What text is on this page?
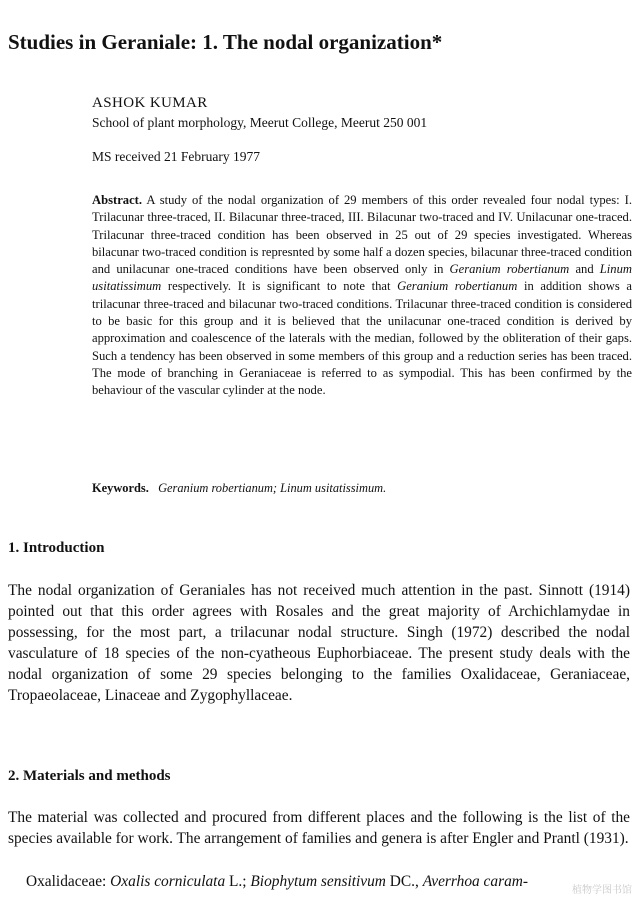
Studies in Geraniale: 1. The nodal organization*
ASHOK KUMAR
School of plant morphology, Meerut College, Meerut 250 001
MS received 21 February 1977

Abstract. A study of the nodal organization of 29 members of this order revealed four nodal types: I. Trilacunar three-traced, II. Bilacunar three-traced, III. Bilacunar two-traced and IV. Unilacunar one-traced. Trilacunar three-traced condition has been observed in 25 out of 29 species investigated. Whereas bilacunar two-traced condition is represnted by some half a dozen species, bilacunar three-traced condition and unilacunar one-traced conditions have been observed only in Geranium robertianum and Linum usitatissimum respectively. It is significant to note that Geranium robertianum in addition shows a trilacunar three-traced and bilacunar two-traced conditions. Trilacunar three-traced condition is considered to be basic for this group and it is believed that the unilacunar one-traced condition is derived by approximation and coalescence of the laterals with the median, followed by the obliteration of their gaps. Such a tendency has been observed in some members of this group and a reduction series has been traced. The mode of branching in Geraniaceae is referred to as sympodial. This has been confirmed by the behaviour of the vascular cylinder at the node.

Keywords. Geranium robertianum; Linum usitatissimum.

1. Introduction

The nodal organization of Geraniales has not received much attention in the past. Sinnott (1914) pointed out that this order agrees with Rosales and the great majority of Archichlamydae in possessing, for the most part, a trilacunar nodal structure. Singh (1972) described the nodal vasculature of 18 species of the non-cyatheous Euphorbiaceae. The present study deals with the nodal organization of some 29 species belonging to the families Oxalidaceae, Geraniaceae, Tropaeolaceae, Linaceae and Zygophyllaceae.

2. Materials and methods

The material was collected and procured from different places and the following is the list of the species available for work. The arrangement of families and genera is after Engler and Prantl (1931).

Oxalidaceae: Oxalis corniculata L.; Biophytum sensitivum DC., Averrhoa caram-

植物学图书馆
